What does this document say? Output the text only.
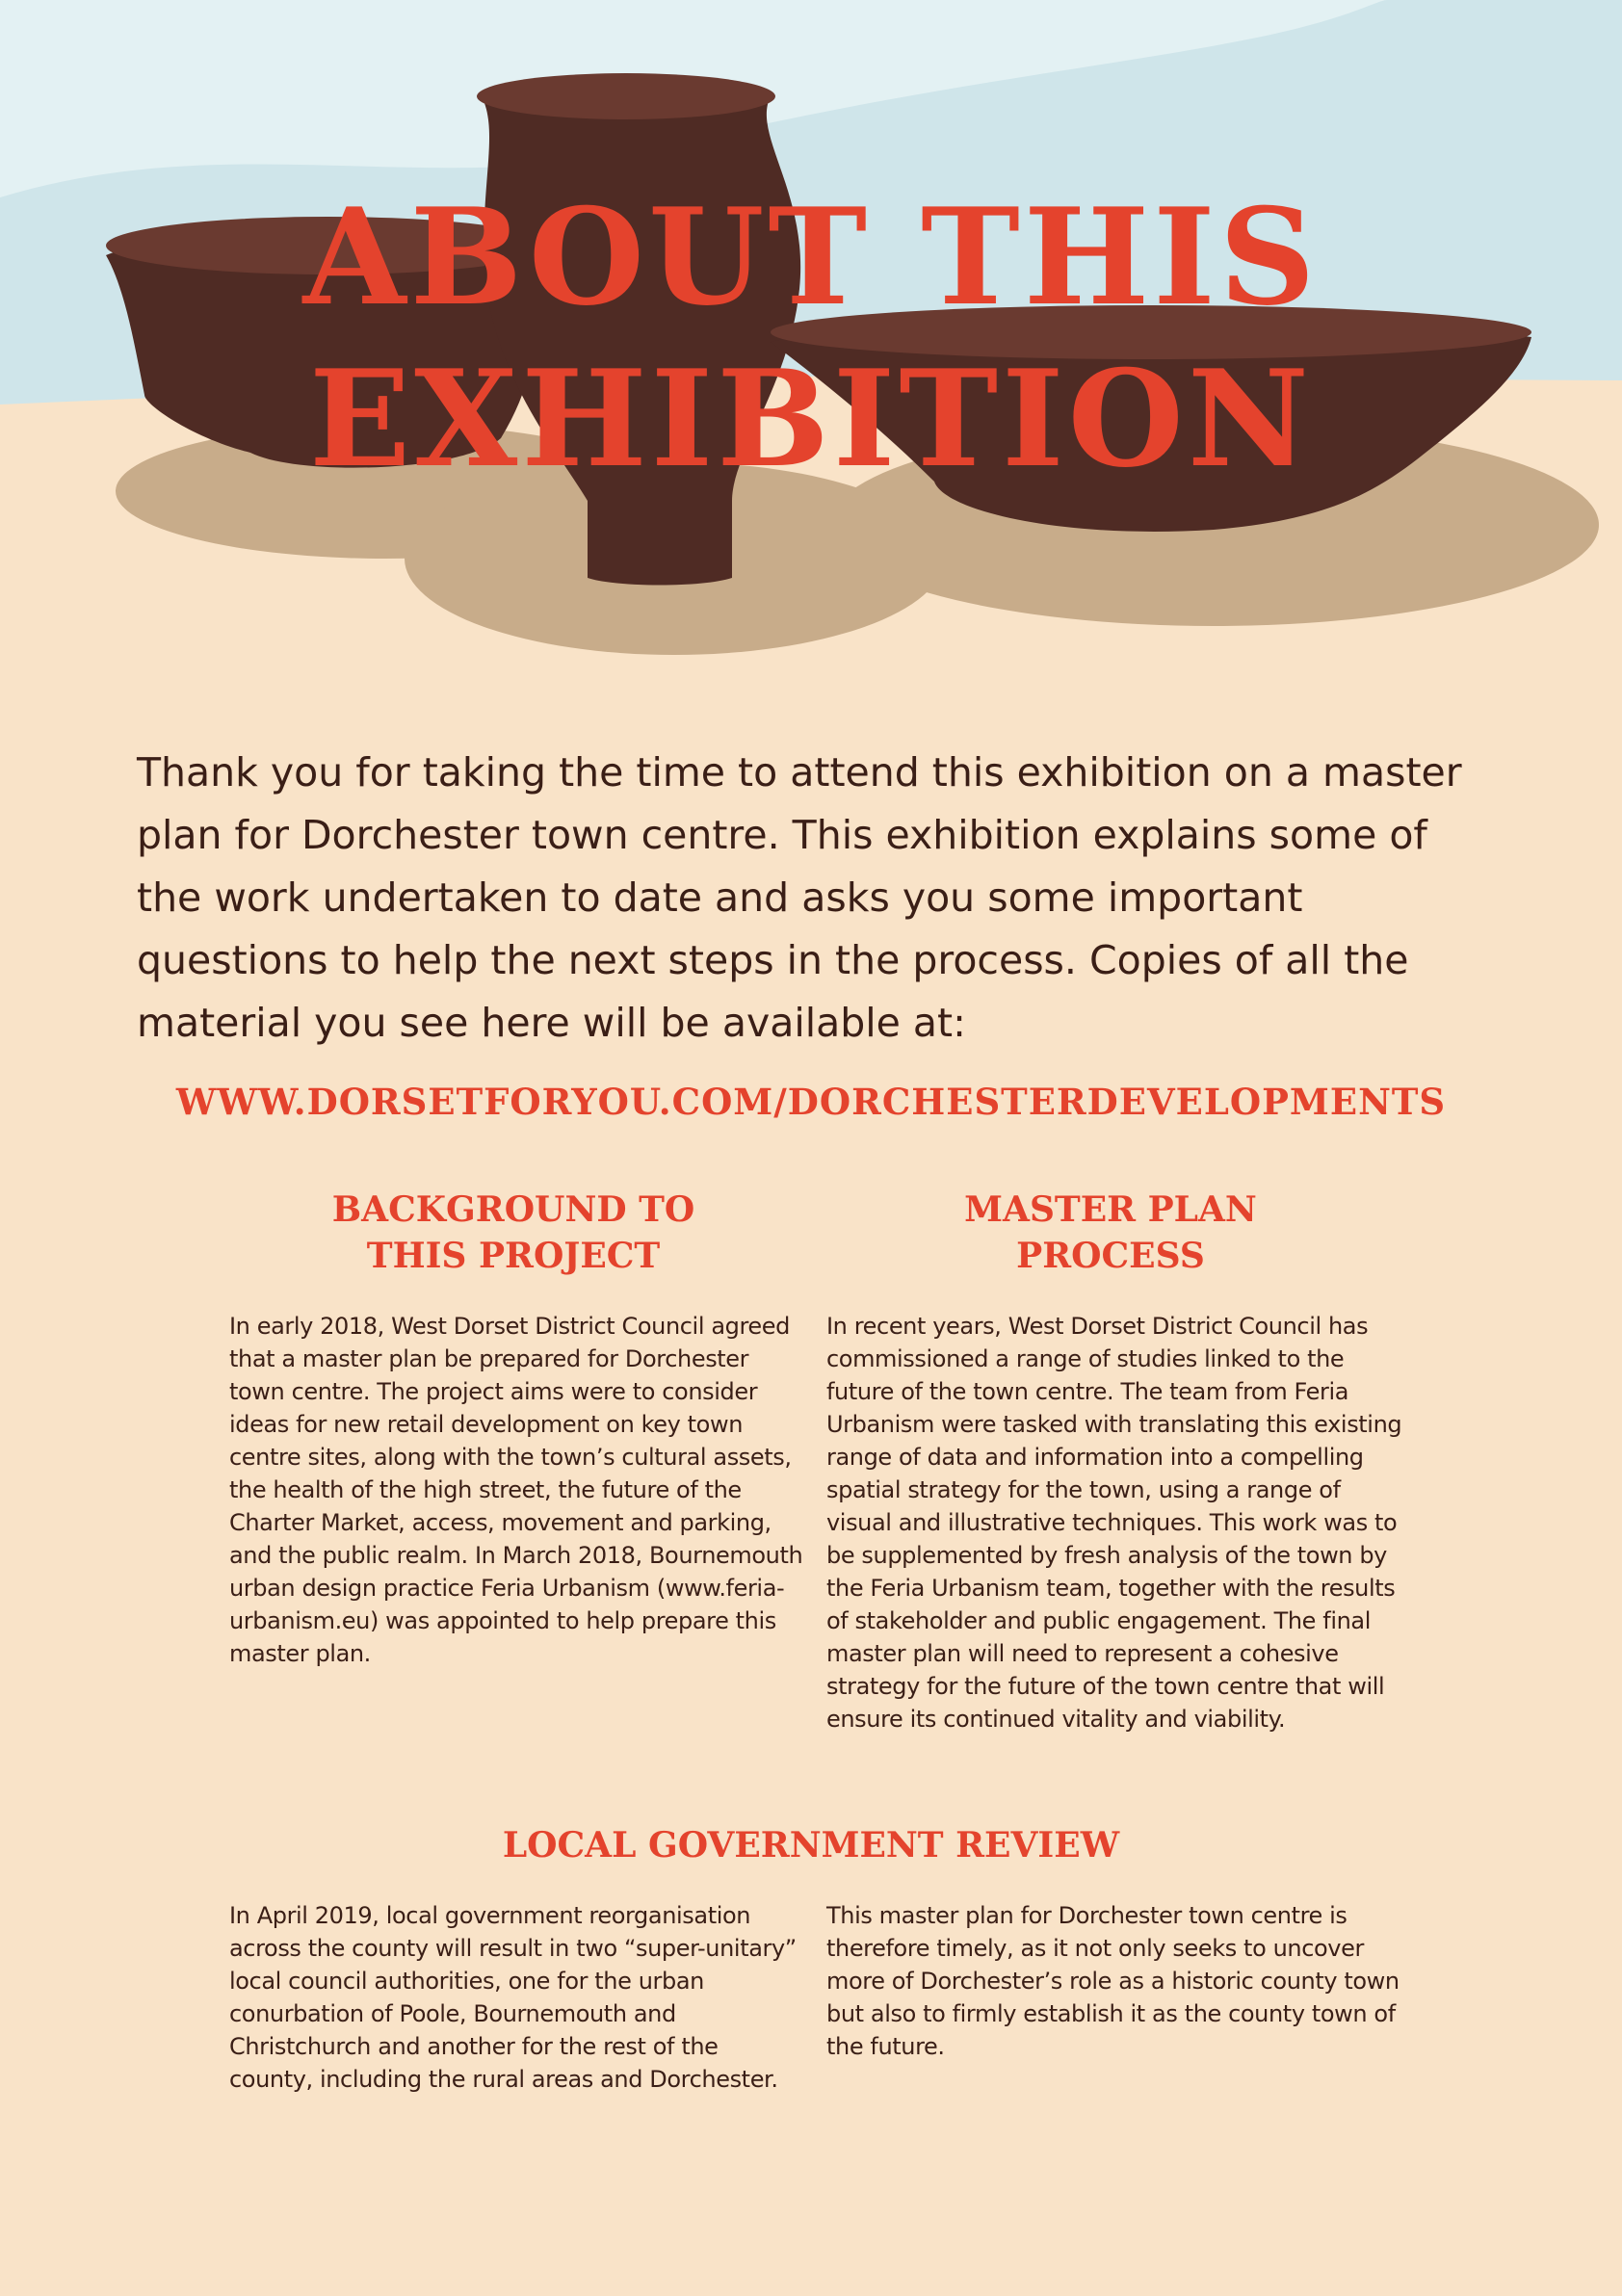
ABOUT THIS
EXHIBITION

Thank you for taking the time to attend this exhibition on a master plan for Dorchester town centre. This exhibition explains some of the work undertaken to date and asks you some important questions to help the next steps in the process. Copies of all the material you see here will be available at:

WWW.DORSETFORYOU.COM/DORCHESTERDEVELOPMENTS

BACKGROUND TO
THIS PROJECT
MASTER PLAN
PROCESS

In early 2018, West Dorset District Council agreed that a master plan be prepared for Dorchester town centre. The project aims were to consider ideas for new retail development on key town centre sites, along with the town’s cultural assets, the health of the high street, the future of the Charter Market, access, movement and parking, and the public realm. In March 2018, Bournemouth urban design practice Feria Urbanism (www.feria-urbanism.eu) was appointed to help prepare this master plan.

In recent years, West Dorset District Council has commissioned a range of studies linked to the future of the town centre. The team from Feria Urbanism were tasked with translating this existing range of data and information into a compelling spatial strategy for the town, using a range of visual and illustrative techniques. This work was to be supplemented by fresh analysis of the town by the Feria Urbanism team, together with the results of stakeholder and public engagement. The final master plan will need to represent a cohesive strategy for the future of the town centre that will ensure its continued vitality and viability.

LOCAL GOVERNMENT REVIEW

In April 2019, local government reorganisation across the county will result in two “super-unitary” local council authorities, one for the urban conurbation of Poole, Bournemouth and Christchurch and another for the rest of the county, including the rural areas and Dorchester.

This master plan for Dorchester town centre is therefore timely, as it not only seeks to uncover more of Dorchester’s role as a historic county town but also to firmly establish it as the county town of the future.
